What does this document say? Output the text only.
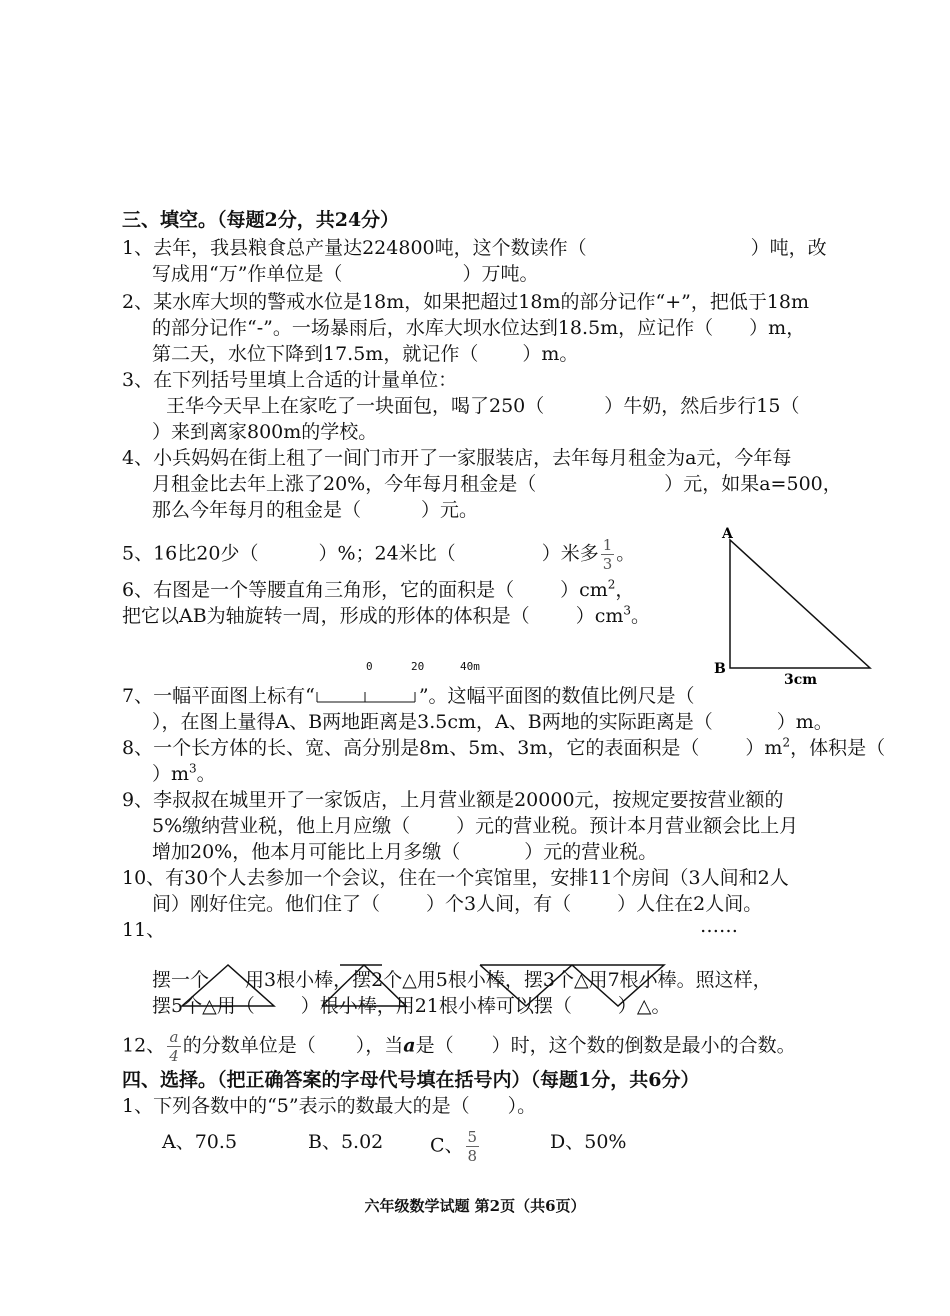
三、填空。（每题2分，共24分）
1、去年，我县粮食总产量达224800吨，这个数读作（	）吨，改
写成用“万”作单位是（	）万吨。
2、某水库大坝的警戒水位是18m，如果把超过18m的部分记作“+”，把低于18m
的部分记作“-”。一场暴雨后，水库大坝水位达到18.5m，应记作（ ）m，
第二天，水位下降到17.5m，就记作（ ）m。
3、在下列括号里填上合适的计量单位：
王华今天早上在家吃了一块面包，喝了250（	）牛奶，然后步行15（
）来到离家800m的学校。
4、小兵妈妈在街上租了一间门市开了一家服装店，去年每月租金为a元，今年每
月租金比去年上涨了20%，今年每月租金是（	）元，如果a=500，
那么今年每月的租金是（	）元。
5、16比20少（	）%；24米比（	）米多 $\frac{1}{3}$ 。
6、右图是一个等腰直角三角形，它的面积是（ ）$cm^2$，
把它以AB为轴旋转一周，形成的形体的体积是（ ）$cm^3$。
A
B
3cm
0	20	40m
7、一幅平面图上标有“	”。这幅平面图的数值比例尺是（
），在图上量得A、B两地距离是3.5cm，A、B两地的实际距离是（	）m。
8、一个长方体的长、宽、高分别是8m、5m、3m，它的表面积是（ ）$m^2$，体积是（
）$m^3$。
9、李叔叔在城里开了一家饭店，上月营业额是20000元，按规定要按营业额的
5%缴纳营业税，他上月应缴（ ）元的营业税。预计本月营业额会比上月
增加20%，他本月可能比上月多缴（	）元的营业税。
10、有30个人去参加一个会议，住在一个宾馆里，安排11个房间（3人间和2人
间）刚好住完。他们住了（ ）个3人间，有（ ）人住在2人间。
11、	……
摆一个 用3根小棒，摆2个△用5根小棒，摆3个△用7根小棒。照这样，
摆5个△用（ ）根小棒，用21根小棒可以摆（ ）△。
12、 $\frac{a}{4}$ 的分数单位是（ ），当a是（ ）时，这个数的倒数是最小的合数。
四、选择。（把正确答案的字母代号填在括号内）（每题1分，共6分）
1、下列各数中的“5”表示的数最大的是（　　）。
A、70.5	B、5.02 C、 $\frac{5}{8}$	D、50%
六年级数学试题 第2页（共6页）
